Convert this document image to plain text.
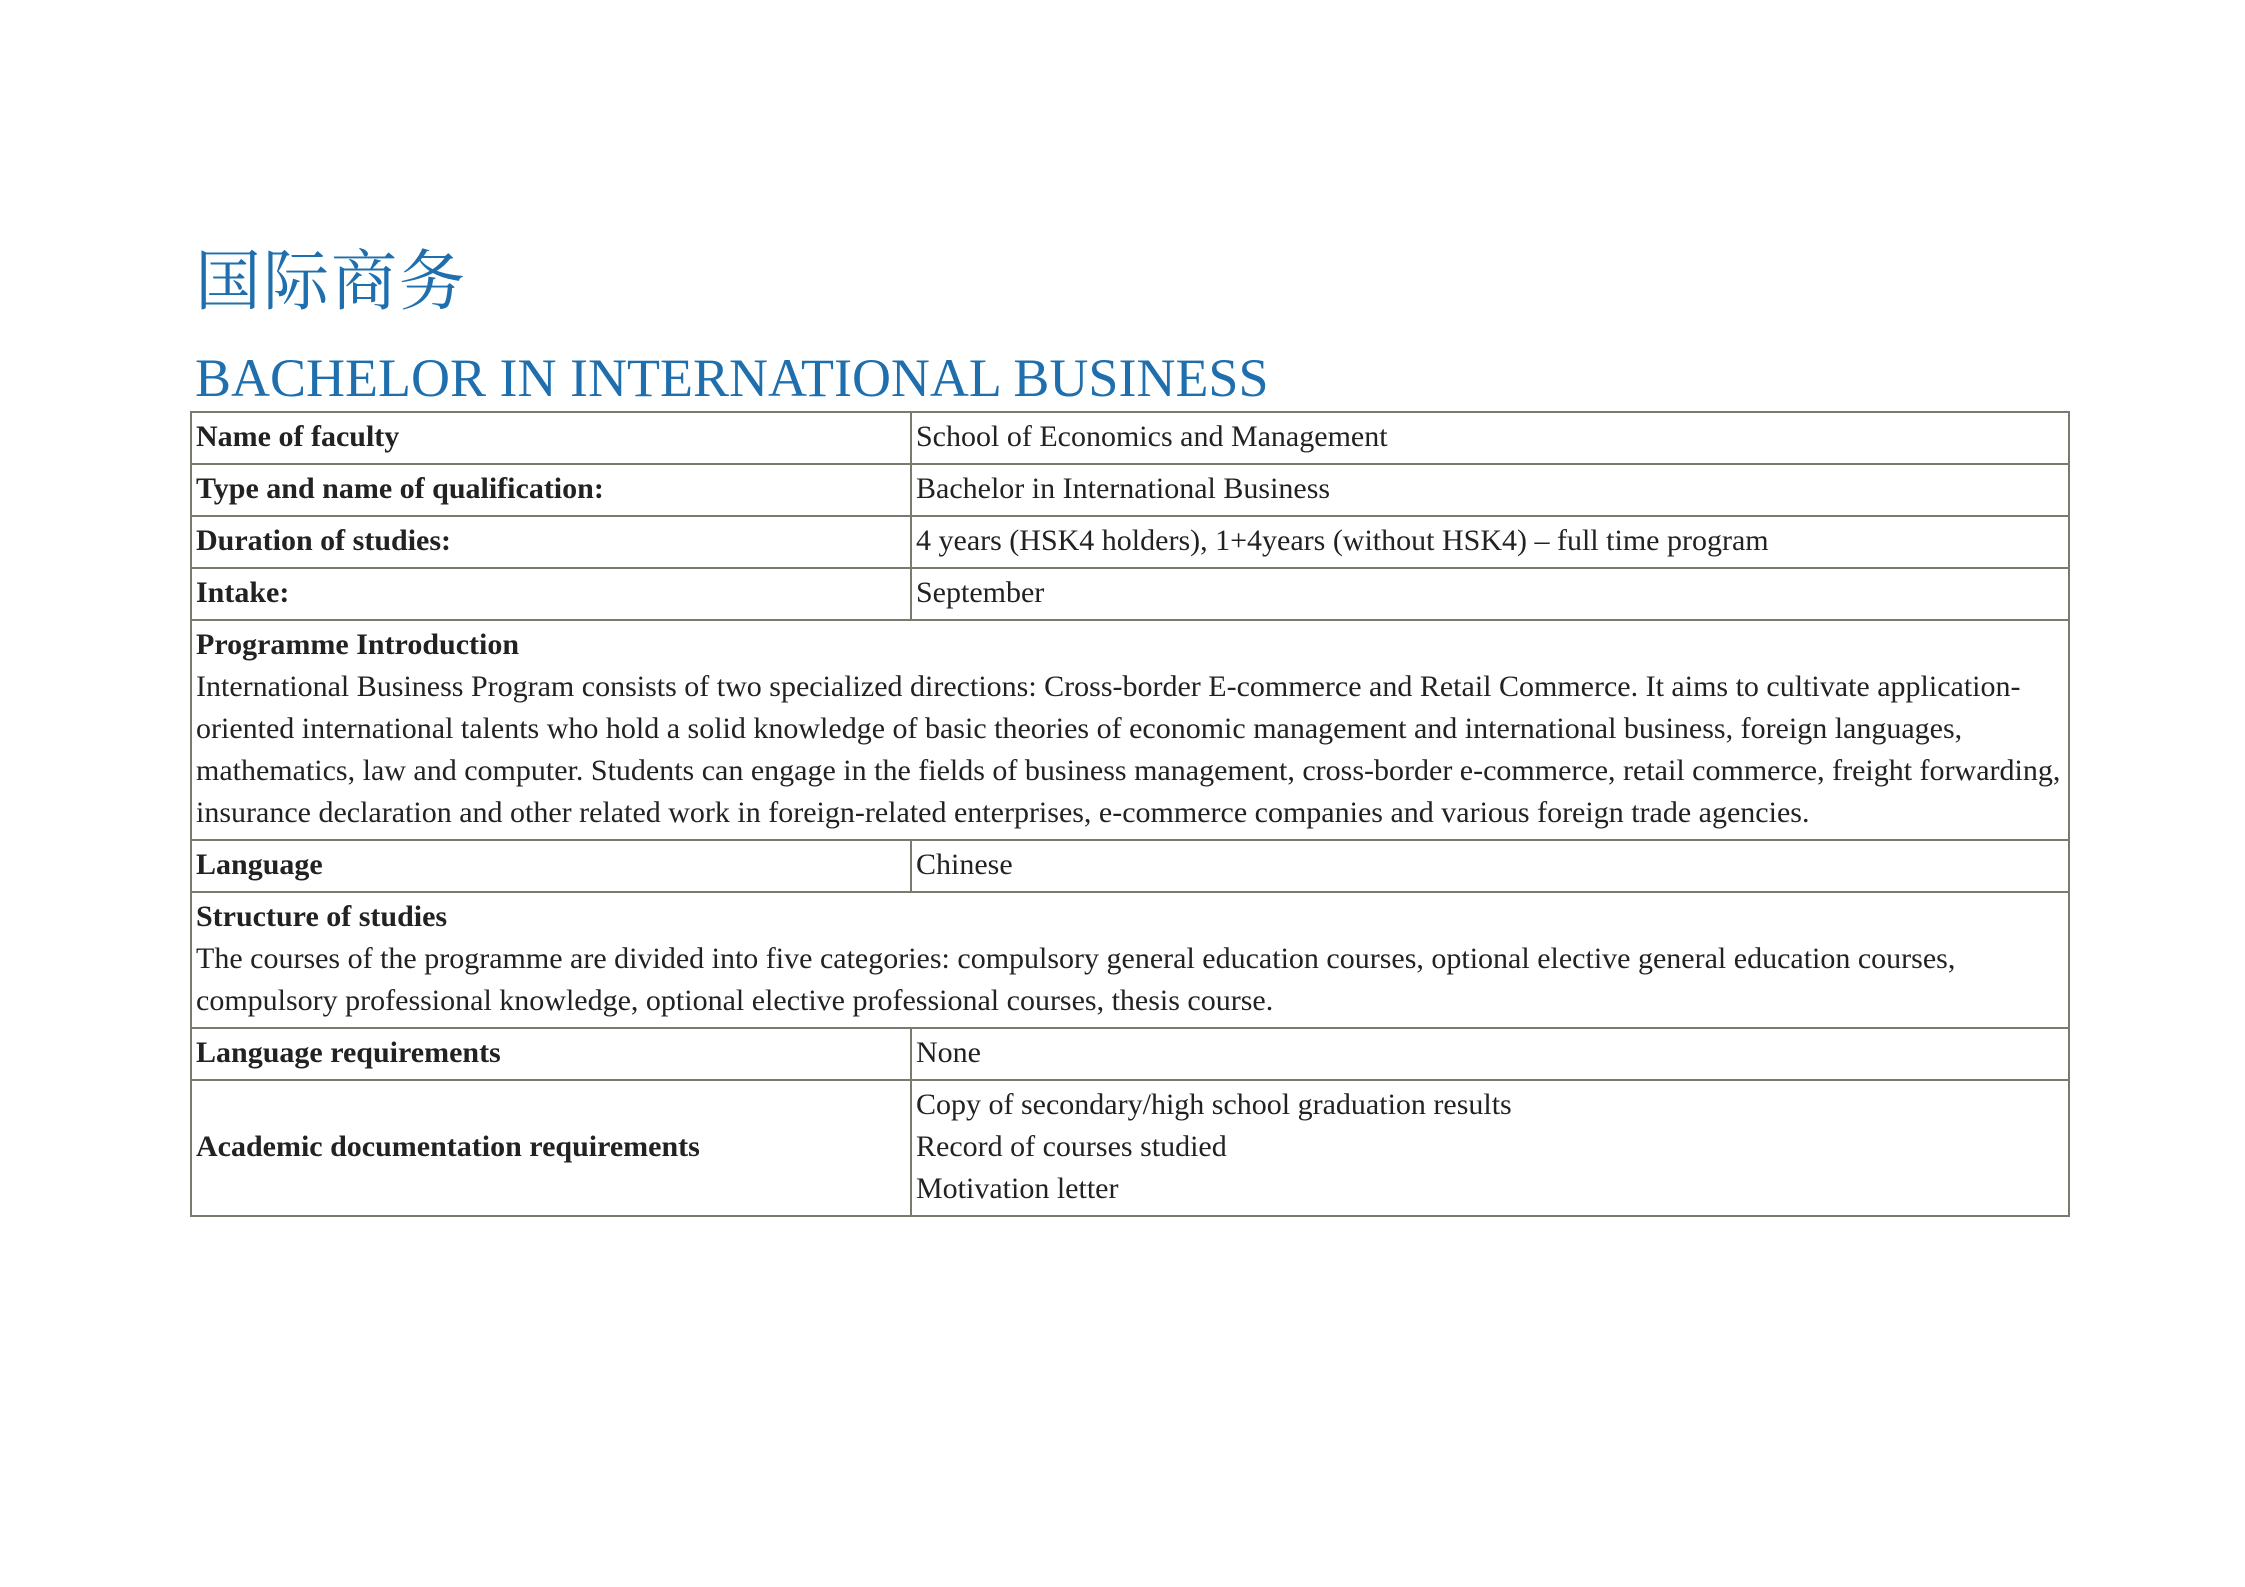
国际商务
BACHELOR IN INTERNATIONAL BUSINESS
Name of faculty	School of Economics and Management
Type and name of qualification:	Bachelor in International Business
Duration of studies:	4 years (HSK4 holders), 1+4years (without HSK4) – full time program
Intake:	September

Programme Introduction
International Business Program consists of two specialized directions: Cross-border E-commerce and Retail Commerce. It aims to cultivate application-oriented international talents who hold a solid knowledge of basic theories of economic management and international business, foreign languages, mathematics, law and computer. Students can engage in the fields of business management, cross-border e-commerce, retail commerce, freight forwarding, insurance declaration and other related work in foreign-related enterprises, e-commerce companies and various foreign trade agencies.	

Language	Chinese

Structure of studies
The courses of the programme are divided into five categories: compulsory general education courses, optional elective general education courses, compulsory professional knowledge, optional elective professional courses, thesis course.	

Language requirements	None
Academic documentation requirements	Copy of secondary/high school graduation results
Record of courses studied
Motivation letter
